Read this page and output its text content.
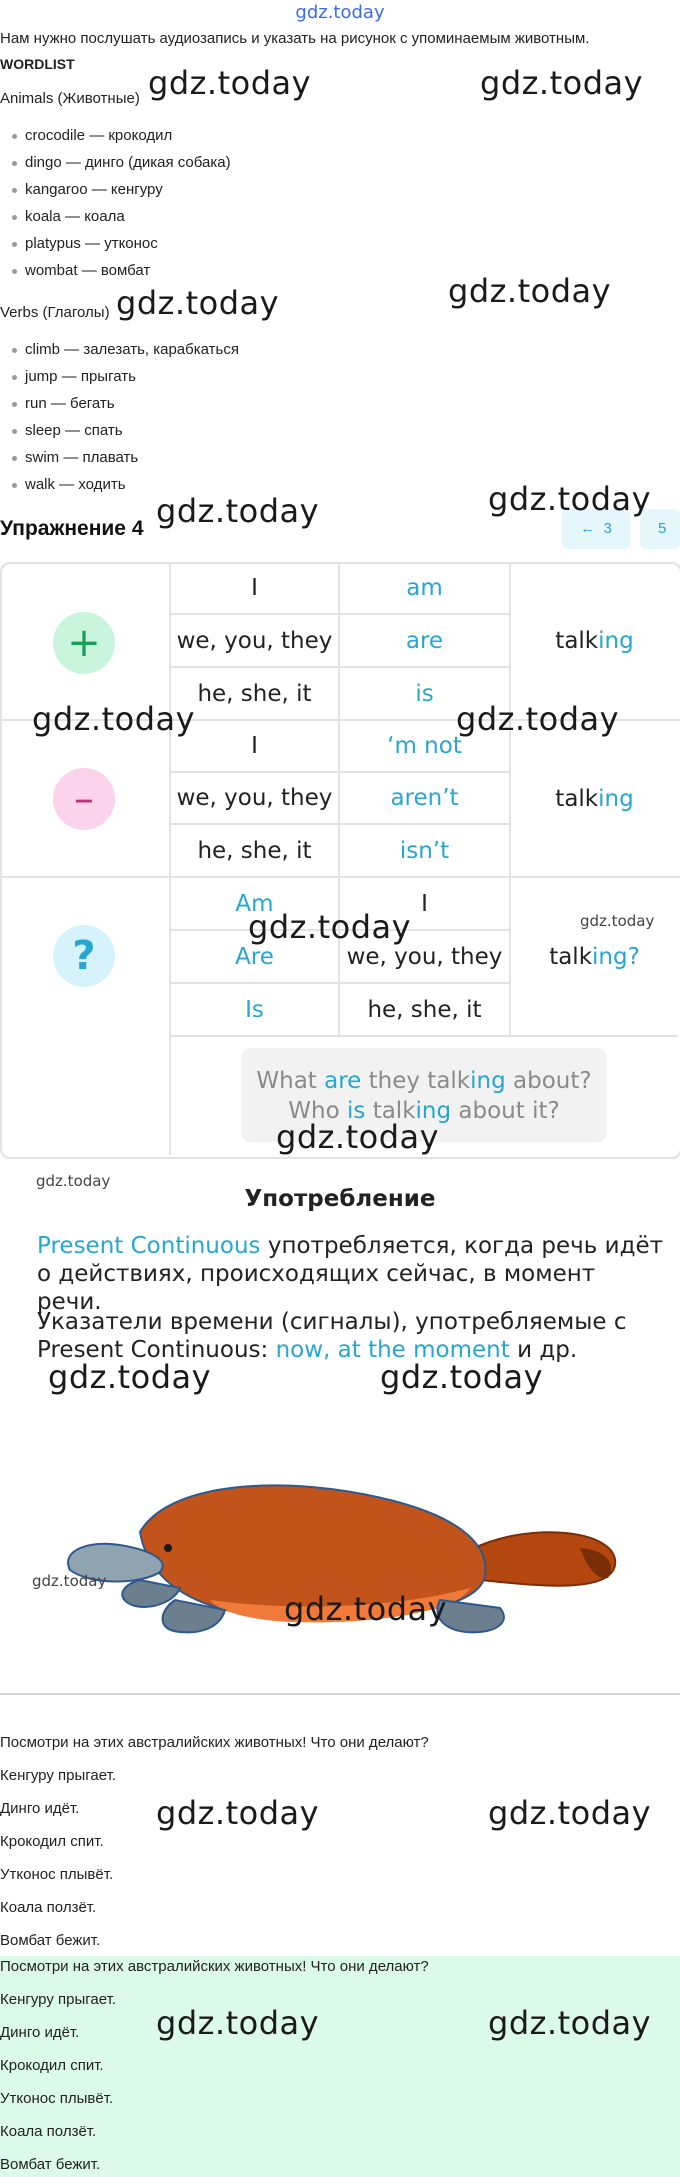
gdz.today
Нам нужно послушать аудиозапись и указать на рисунок с упоминаемым животным.
WORDLIST
Animals (Животные)
crocodile — крокодил
dingo — динго (дикая собака)
kangaroo — кенгуру
koala — коала
platypus — утконос
wombat — вомбат
Verbs (Глаголы)
climb — залезать, карабкаться
jump — прыгать
run — бегать
sleep — спать
swim — плавать
walk — ходить
Упражнение 4	← 3	5
+
–
?
I	am
we, you, they	are
he, she, it	is
talk ing
I	‘m not
we, you, they	aren’t
he, she, it	isn’t
talk ing
Am	I
Are	we, you, they
Is	he, she, it
talk ing ?
What are they talking about?
Who is talking about it?
Употребление
Present Continuous употребляется, когда речь идёт о действиях, происходящих сейчас, в момент речи.
Указатели времени (сигналы), употребляемые с Present Continuous: now, at the moment и др.
Посмотри на этих австралийских животных! Что они делают?
Кенгуру прыгает.
Динго идёт.
Крокодил спит.
Утконос плывёт.
Коала ползёт.
Вомбат бежит.
Посмотри на этих австралийских животных! Что они делают?
Кенгуру прыгает.
Динго идёт.
Крокодил спит.
Утконос плывёт.
Коала ползёт.
Вомбат бежит.
gdz.today	gdz.today
gdz.today	gdz.today
gdz.today	gdz.today
gdz.today	gdz.today
gdz.today	gdz.today
gdz.today
gdz.today
gdz.today	gdz.today
gdz.today
gdz.today
gdz.today	gdz.today
gdz.today	gdz.today
